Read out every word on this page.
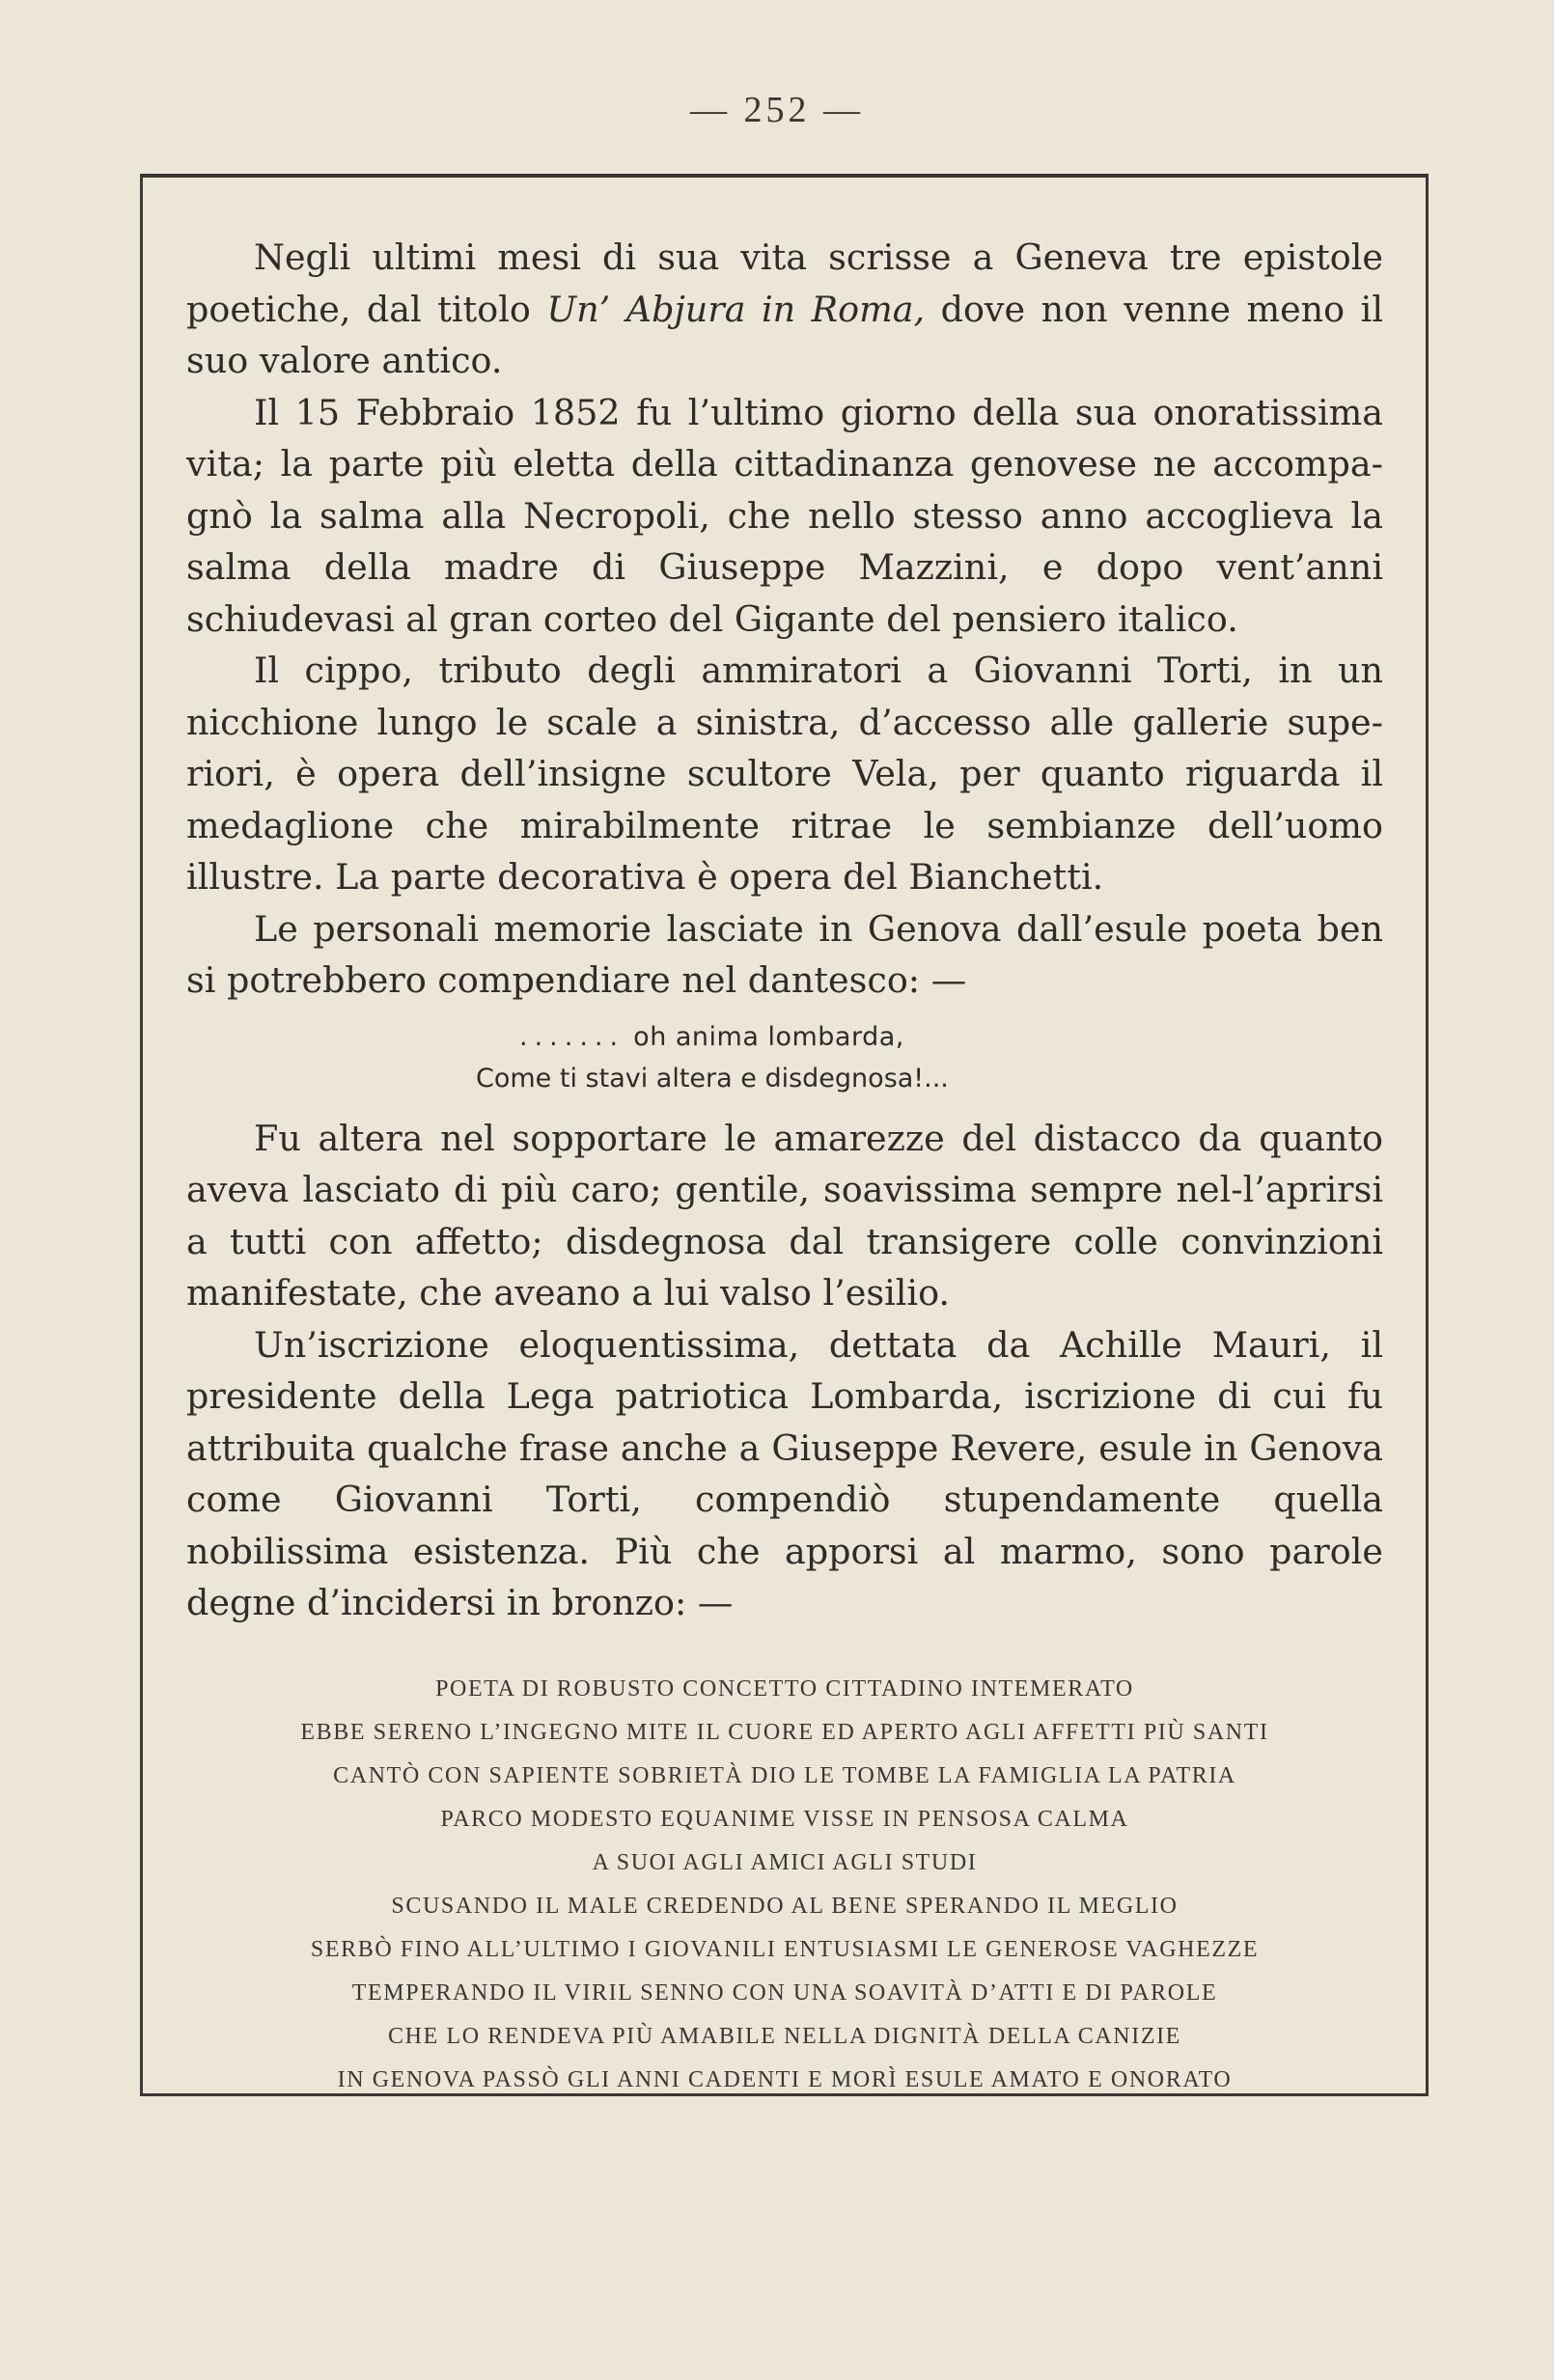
— 252 —

Negli ultimi mesi di sua vita scrisse a Geneva tre epistole poetiche, dal titolo Un’ Abjura in Roma, dove non venne meno il suo valore antico.

Il 15 Febbraio 1852 fu l’ultimo giorno della sua onoratissima vita; la parte più eletta della cittadinanza genovese ne accompa-gnò la salma alla Necropoli, che nello stesso anno accoglieva la salma della madre di Giuseppe Mazzini, e dopo vent’anni schiudevasi al gran corteo del Gigante del pensiero italico.

Il cippo, tributo degli ammiratori a Giovanni Torti, in un nicchione lungo le scale a sinistra, d’accesso alle gallerie supe-riori, è opera dell’insigne scultore Vela, per quanto riguarda il medaglione che mirabilmente ritrae le sembianze dell’uomo illustre. La parte decorativa è opera del Bianchetti.

Le personali memorie lasciate in Genova dall’esule poeta ben si potrebbero compendiare nel dantesco: —

....... oh anima lombarda,
Come ti stavi altera e disdegnosa!...

Fu altera nel sopportare le amarezze del distacco da quanto aveva lasciato di più caro; gentile, soavissima sempre nel-l’aprirsi a tutti con affetto; disdegnosa dal transigere colle convinzioni manifestate, che aveano a lui valso l’esilio.

Un’iscrizione eloquentissima, dettata da Achille Mauri, il presidente della Lega patriotica Lombarda, iscrizione di cui fu attribuita qualche frase anche a Giuseppe Revere, esule in Genova come Giovanni Torti, compendiò stupendamente quella nobilissima esistenza. Più che apporsi al marmo, sono parole degne d’incidersi in bronzo: —

POETA DI ROBUSTO CONCETTO CITTADINO INTEMERATO
EBBE SERENO L’INGEGNO MITE IL CUORE ED APERTO AGLI AFFETTI PIÙ SANTI
CANTÒ CON SAPIENTE SOBRIETÀ DIO LE TOMBE LA FAMIGLIA LA PATRIA
PARCO MODESTO EQUANIME VISSE IN PENSOSA CALMA
A SUOI AGLI AMICI AGLI STUDI
SCUSANDO IL MALE CREDENDO AL BENE SPERANDO IL MEGLIO
SERBÒ FINO ALL’ULTIMO I GIOVANILI ENTUSIASMI LE GENEROSE VAGHEZZE
TEMPERANDO IL VIRIL SENNO CON UNA SOAVITÀ D’ATTI E DI PAROLE
CHE LO RENDEVA PIÙ AMABILE NELLA DIGNITÀ DELLA CANIZIE
IN GENOVA PASSÒ GLI ANNI CADENTI E MORÌ ESULE AMATO E ONORATO
